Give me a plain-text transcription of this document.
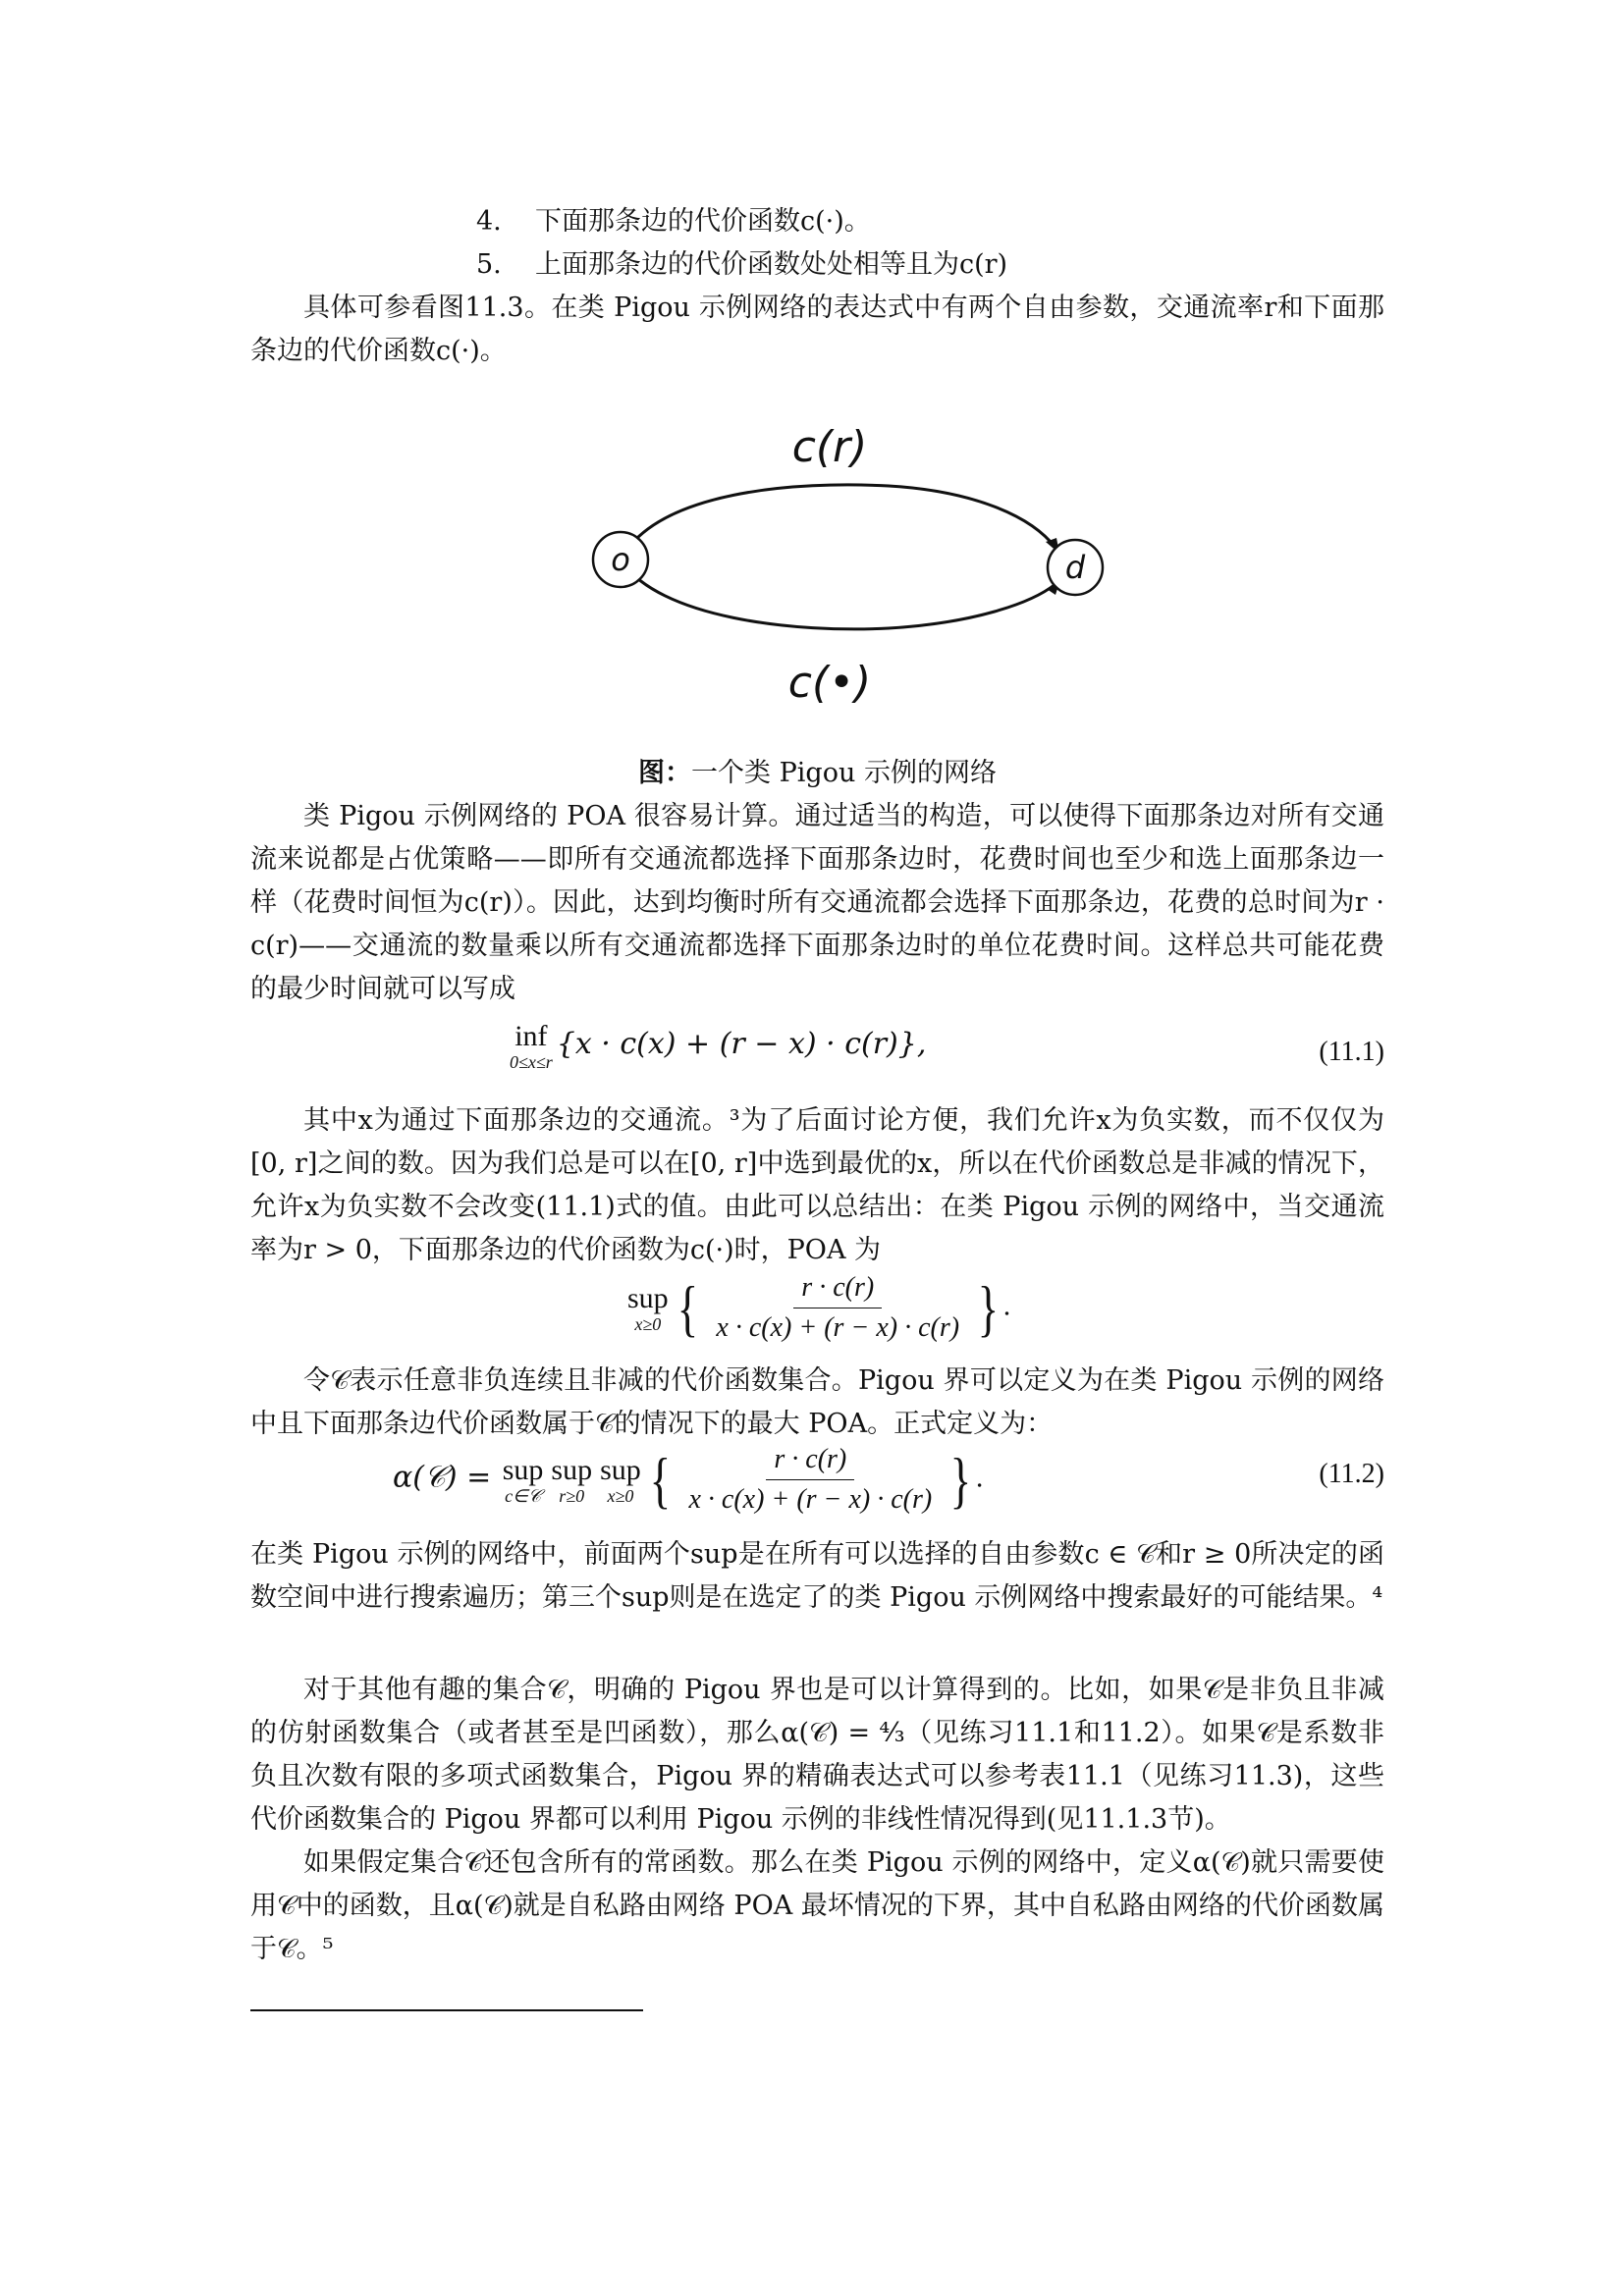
4. 下面那条边的代价函数c(·)。
5. 上面那条边的代价函数处处相等且为c(r)

具体可参看图11.3。在类 Pigou 示例网络的表达式中有两个自由参数，交通流率r和下面那条边的代价函数c(·)。

c(r)
o	d
c(•)
图：一个类 Pigou 示例的网络

类 Pigou 示例网络的 POA 很容易计算。通过适当的构造，可以使得下面那条边对所有交通流来说都是占优策略——即所有交通流都选择下面那条边时，花费时间也至少和选上面那条边一样（花费时间恒为c(r)）。因此，达到均衡时所有交通流都会选择下面那条边，花费的总时间为r · c(r)——交通流的数量乘以所有交通流都选择下面那条边时的单位花费时间。这样总共可能花费的最少时间就可以写成

inf
0≤x≤r
{x · c(x) + (r − x) · c(r)},	(11.1)

其中x为通过下面那条边的交通流。³为了后面讨论方便，我们允许x为负实数，而不仅仅为[0, r]之间的数。因为我们总是可以在[0, r]中选到最优的x，所以在代价函数总是非减的情况下，允许x为负实数不会改变(11.1)式的值。由此可以总结出：在类 Pigou 示例的网络中，当交通流率为r > 0，下面那条边的代价函数为c(·)时，POA 为

sup
x≥0 { $\frac{r \cdot c(r)}{x \cdot c(x) + (r - x) \cdot c(r)}$ } .

令𝒞表示任意非负连续且非减的代价函数集合。Pigou 界可以定义为在类 Pigou 示例的网络中且下面那条边代价函数属于𝒞的情况下的最大 POA。正式定义为：

α(𝒞) = sup
c∈𝒞
sup
r≥0
sup
x≥0 { $\frac{r \cdot c(r)}{x \cdot c(x) + (r - x) \cdot c(r)}$ } .	(11.2)

在类 Pigou 示例的网络中，前面两个sup是在所有可以选择的自由参数c ∈ 𝒞和r ≥ 0所决定的函数空间中进行搜索遍历；第三个sup则是在选定了的类 Pigou 示例网络中搜索最好的可能结果。⁴

对于其他有趣的集合𝒞，明确的 Pigou 界也是可以计算得到的。比如，如果𝒞是非负且非减的仿射函数集合（或者甚至是凹函数），那么α(𝒞) = ⁴⁄₃（见练习11.1和11.2）。如果𝒞是系数非负且次数有限的多项式函数集合，Pigou 界的精确表达式可以参考表11.1（见练习11.3)，这些代价函数集合的 Pigou 界都可以利用 Pigou 示例的非线性情况得到(见11.1.3节)。

如果假定集合𝒞还包含所有的常函数。那么在类 Pigou 示例的网络中，定义α(𝒞)就只需要使用𝒞中的函数，且α(𝒞)就是自私路由网络 POA 最坏情况的下界，其中自私路由网络的代价函数属于𝒞。⁵
